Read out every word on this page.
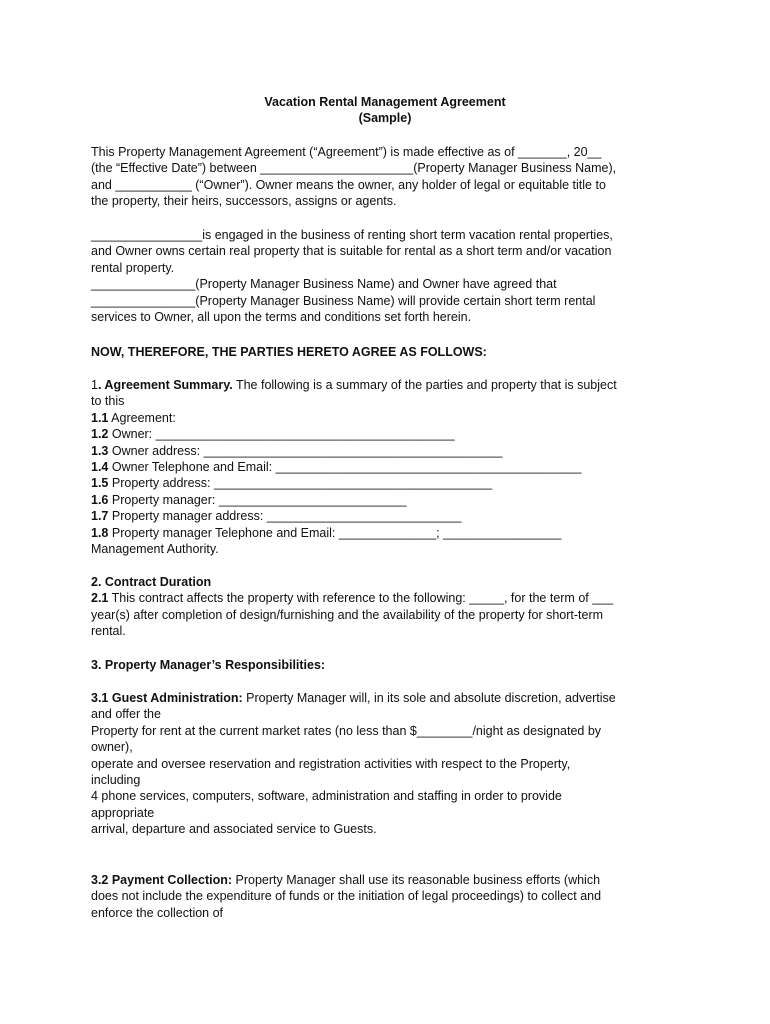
Vacation Rental Management Agreement
(Sample)
This Property Management Agreement (“Agreement”) is made effective as of _______, 20__
(the “Effective Date”) between ______________________(Property Manager Business Name),
and ___________ (“Owner”). Owner means the owner, any holder of legal or equitable title to
the property, their heirs, successors, assigns or agents.
________________is engaged in the business of renting short term vacation rental properties,
and Owner owns certain real property that is suitable for rental as a short term and/or vacation
rental property.
_______________(Property Manager Business Name) and Owner have agreed that
_______________(Property Manager Business Name) will provide certain short term rental
services to Owner, all upon the terms and conditions set forth herein.
NOW, THEREFORE, THE PARTIES HERETO AGREE AS FOLLOWS:
1. Agreement Summary. The following is a summary of the parties and property that is subject
to this
1.1 Agreement:
1.2 Owner: ___________________________________________
1.3 Owner address: ___________________________________________
1.4 Owner Telephone and Email: ____________________________________________
1.5 Property address: ________________________________________
1.6 Property manager: ___________________________
1.7 Property manager address: ____________________________
1.8 Property manager Telephone and Email: ______________; _________________
Management Authority.
2. Contract Duration
2.1 This contract affects the property with reference to the following: _____, for the term of ___
year(s) after completion of design/furnishing and the availability of the property for short-term
rental.
3. Property Manager’s Responsibilities:
3.1 Guest Administration: Property Manager will, in its sole and absolute discretion, advertise
and offer the
Property for rent at the current market rates (no less than $________/night as designated by
owner),
operate and oversee reservation and registration activities with respect to the Property,
including
4 phone services, computers, software, administration and staffing in order to provide
appropriate
arrival, departure and associated service to Guests.
3.2 Payment Collection: Property Manager shall use its reasonable business efforts (which
does not include the expenditure of funds or the initiation of legal proceedings) to collect and
enforce the collection of
